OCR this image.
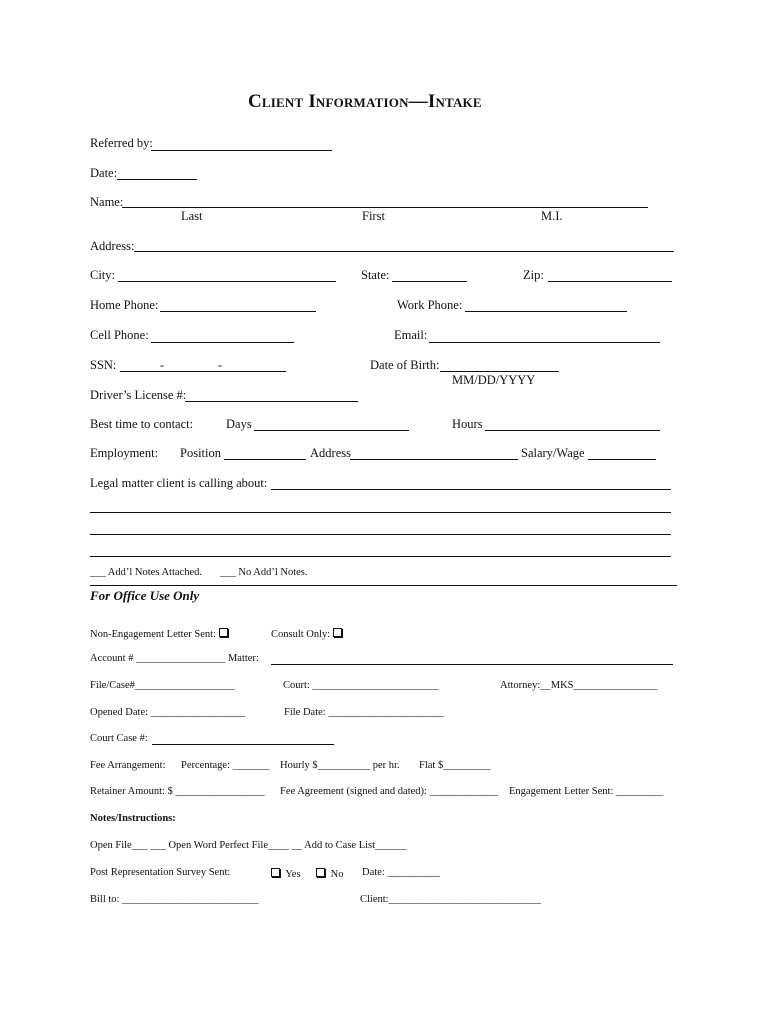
Client Information—Intake
Referred by:
Date:
Name:
Last	First	M.I.
Address:
City:	State:	Zip:
Home Phone:	Work Phone:
Cell Phone:	Email:
SSN:	-	-	Date of Birth:
MM/DD/YYYY
Driver’s License #:
Best time to contact:	Days	Hours
Employment: Position	Address	Salary/Wage
Legal matter client is calling about:
___ Add’l Notes Attached. ___ No Add’l Notes.
For Office Use Only
Non-Engagement Letter Sent:	Consult Only:
Account # _________________ Matter:
File/Case#___________________	Court: ________________________	Attorney:__MKS________________
Opened Date: __________________	File Date: ______________________
Court Case #:
Fee Arrangement: Percentage: _______ Hourly $__________ per hr. Flat $_________
Retainer Amount: $ _________________ Fee Agreement (signed and dated): _____________ Engagement Letter Sent: _________
Notes/Instructions:
Open File___ ___ Open Word Perfect File____ __ Add to Case List______
Post Representation Survey Sent:	Yes	No Date: __________
Bill to: __________________________	Client:_____________________________
